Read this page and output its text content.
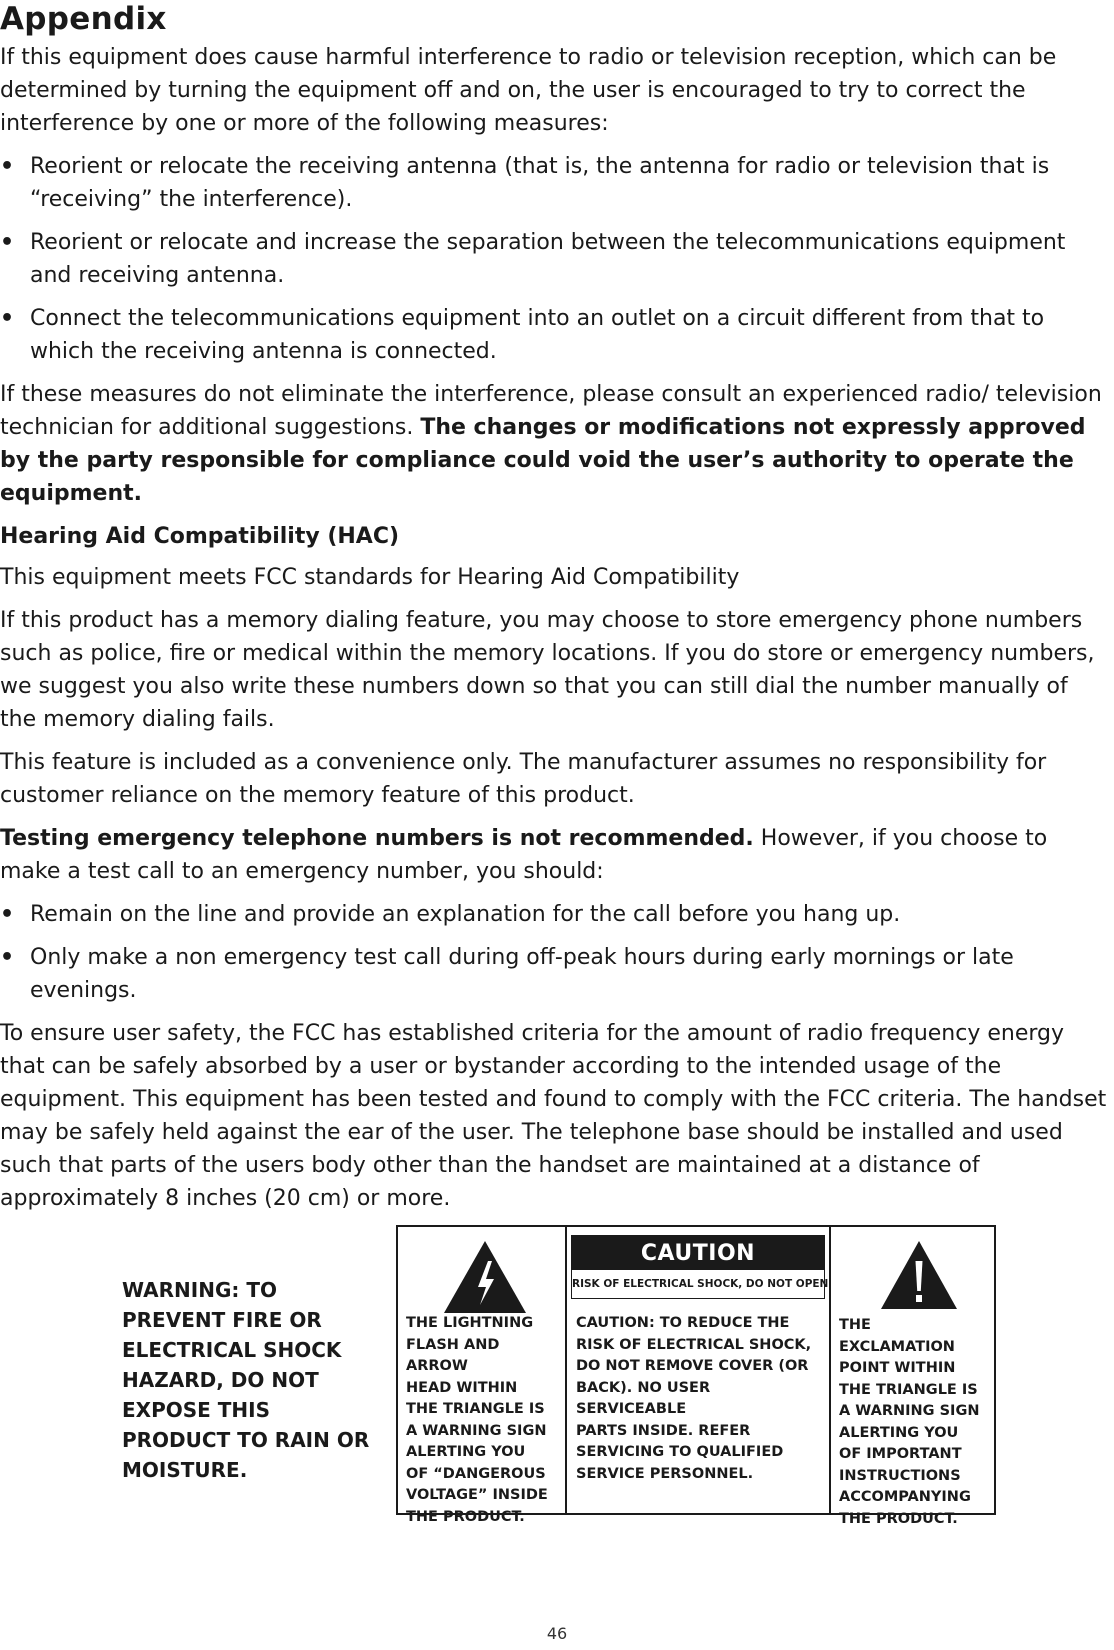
Appendix

If this equipment does cause harmful interference to radio or television reception, which can be determined by turning the equipment off and on, the user is encouraged to try to correct the interference by one or more of the following measures:

• Reorient or relocate the receiving antenna (that is, the antenna for radio or television that is “receiving” the interference).
• Reorient or relocate and increase the separation between the telecommunications equipment and receiving antenna.
• Connect the telecommunications equipment into an outlet on a circuit different from that to which the receiving antenna is connected.

If these measures do not eliminate the interference, please consult an experienced radio/ television technician for additional suggestions. The changes or modifications not expressly approved by the party responsible for compliance could void the user’s authority to operate the equipment.

Hearing Aid Compatibility (HAC)

This equipment meets FCC standards for Hearing Aid Compatibility

If this product has a memory dialing feature, you may choose to store emergency phone numbers such as police, fire or medical within the memory locations. If you do store or emergency numbers, we suggest you also write these numbers down so that you can still dial the number manually of the memory dialing fails.

This feature is included as a convenience only. The manufacturer assumes no responsibility for customer reliance on the memory feature of this product.

Testing emergency telephone numbers is not recommended. However, if you choose to make a test call to an emergency number, you should:

• Remain on the line and provide an explanation for the call before you hang up.
• Only make a non emergency test call during off-peak hours during early mornings or late evenings.

To ensure user safety, the FCC has established criteria for the amount of radio frequency energy that can be safely absorbed by a user or bystander according to the intended usage of the equipment. This equipment has been tested and found to comply with the FCC criteria. The handset may be safely held against the ear of the user. The telephone base should be installed and used such that parts of the users body other than the handset are maintained at a distance of approximately 8 inches (20 cm) or more.

WARNING: TO PREVENT FIRE OR ELECTRICAL SHOCK HAZARD, DO NOT EXPOSE THIS PRODUCT TO RAIN OR MOISTURE.
THE LIGHTNING
FLASH AND ARROW
HEAD WITHIN
THE TRIANGLE IS
A WARNING SIGN
ALERTING YOU
OF “DANGEROUS
VOLTAGE” INSIDE
THE PRODUCT.
CAUTION
RISK OF ELECTRICAL SHOCK, DO NOT OPEN
CAUTION: TO REDUCE THE
RISK OF ELECTRICAL SHOCK,
DO NOT REMOVE COVER (OR
BACK). NO USER SERVICEABLE
PARTS INSIDE. REFER
SERVICING TO QUALIFIED
SERVICE PERSONNEL.
THE EXCLAMATION
POINT WITHIN
THE TRIANGLE IS
A WARNING SIGN
ALERTING YOU
OF IMPORTANT
INSTRUCTIONS
ACCOMPANYING
THE PRODUCT.
46
